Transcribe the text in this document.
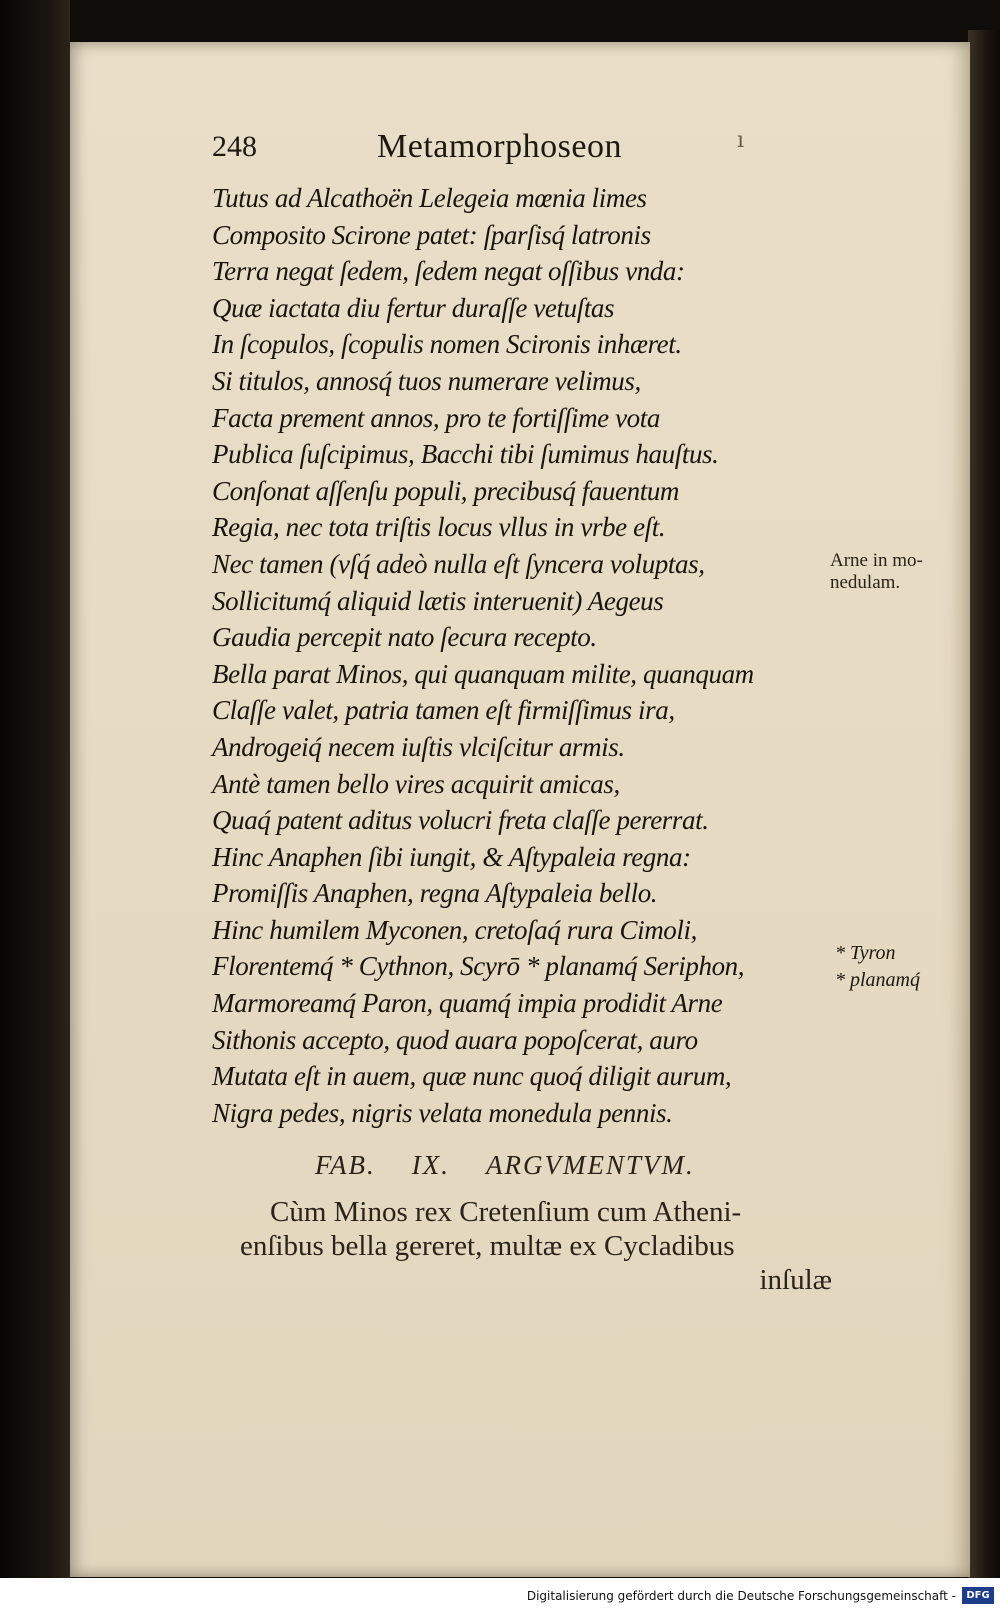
248	Metamorphoseon	ı
Tutus ad Alcathoën Lelegeia mœnia limes
Composito Scirone patet: ſparſisq́ latronis
Terra negat ſedem, ſedem negat oſſibus vnda:
Quæ iactata diu fertur duraſſe vetuſtas
In ſcopulos, ſcopulis nomen Scironis inhæret.
Si titulos, annosq́ tuos numerare velimus,
Facta prement annos, pro te fortiſſime vota
Publica ſuſcipimus, Bacchi tibi ſumimus hauſtus.
Conſonat aſſenſu populi, precibusq́ fauentum
Regia, nec tota triſtis locus vllus in vrbe eſt.
Nec tamen (vſq́ adeò nulla eſt ſyncera voluptas,
Sollicitumq́ aliquid lætis interuenit) Aegeus
Gaudia percepit nato ſecura recepto.
Bella parat Minos, qui quanquam milite, quanquam
Claſſe valet, patria tamen eſt firmiſſimus ira,
Androgeiq́ necem iuſtis vlciſcitur armis.
Antè tamen bello vires acquirit amicas,
Quaq́ patent aditus volucri freta claſſe pererrat.
Hinc Anaphen ſibi iungit, & Aſtypaleia regna:
Promiſſis Anaphen, regna Aſtypaleia bello.
Hinc humilem Myconen, cretoſaq́ rura Cimoli,
Florentemq́ * Cythnon, Scyrō * planamq́ Seriphon,
Marmoreamq́ Paron, quamq́ impia prodidit Arne
Sithonis accepto, quod auara popoſcerat, auro
Mutata eſt in auem, quæ nunc quoq́ diligit aurum,
Nigra pedes, nigris velata monedula pennis.
Arne in mo-
nedulam.
* Tyron
* planamq́
FAB. IX. ARGVMENTVM.
Cùm Minos rex Cretenſium cum Atheni-
enſibus bella gereret, multæ ex Cycladibus
inſulæ
Digitalisierung gefördert durch die Deutsche Forschungsgemeinschaft -	DFG
